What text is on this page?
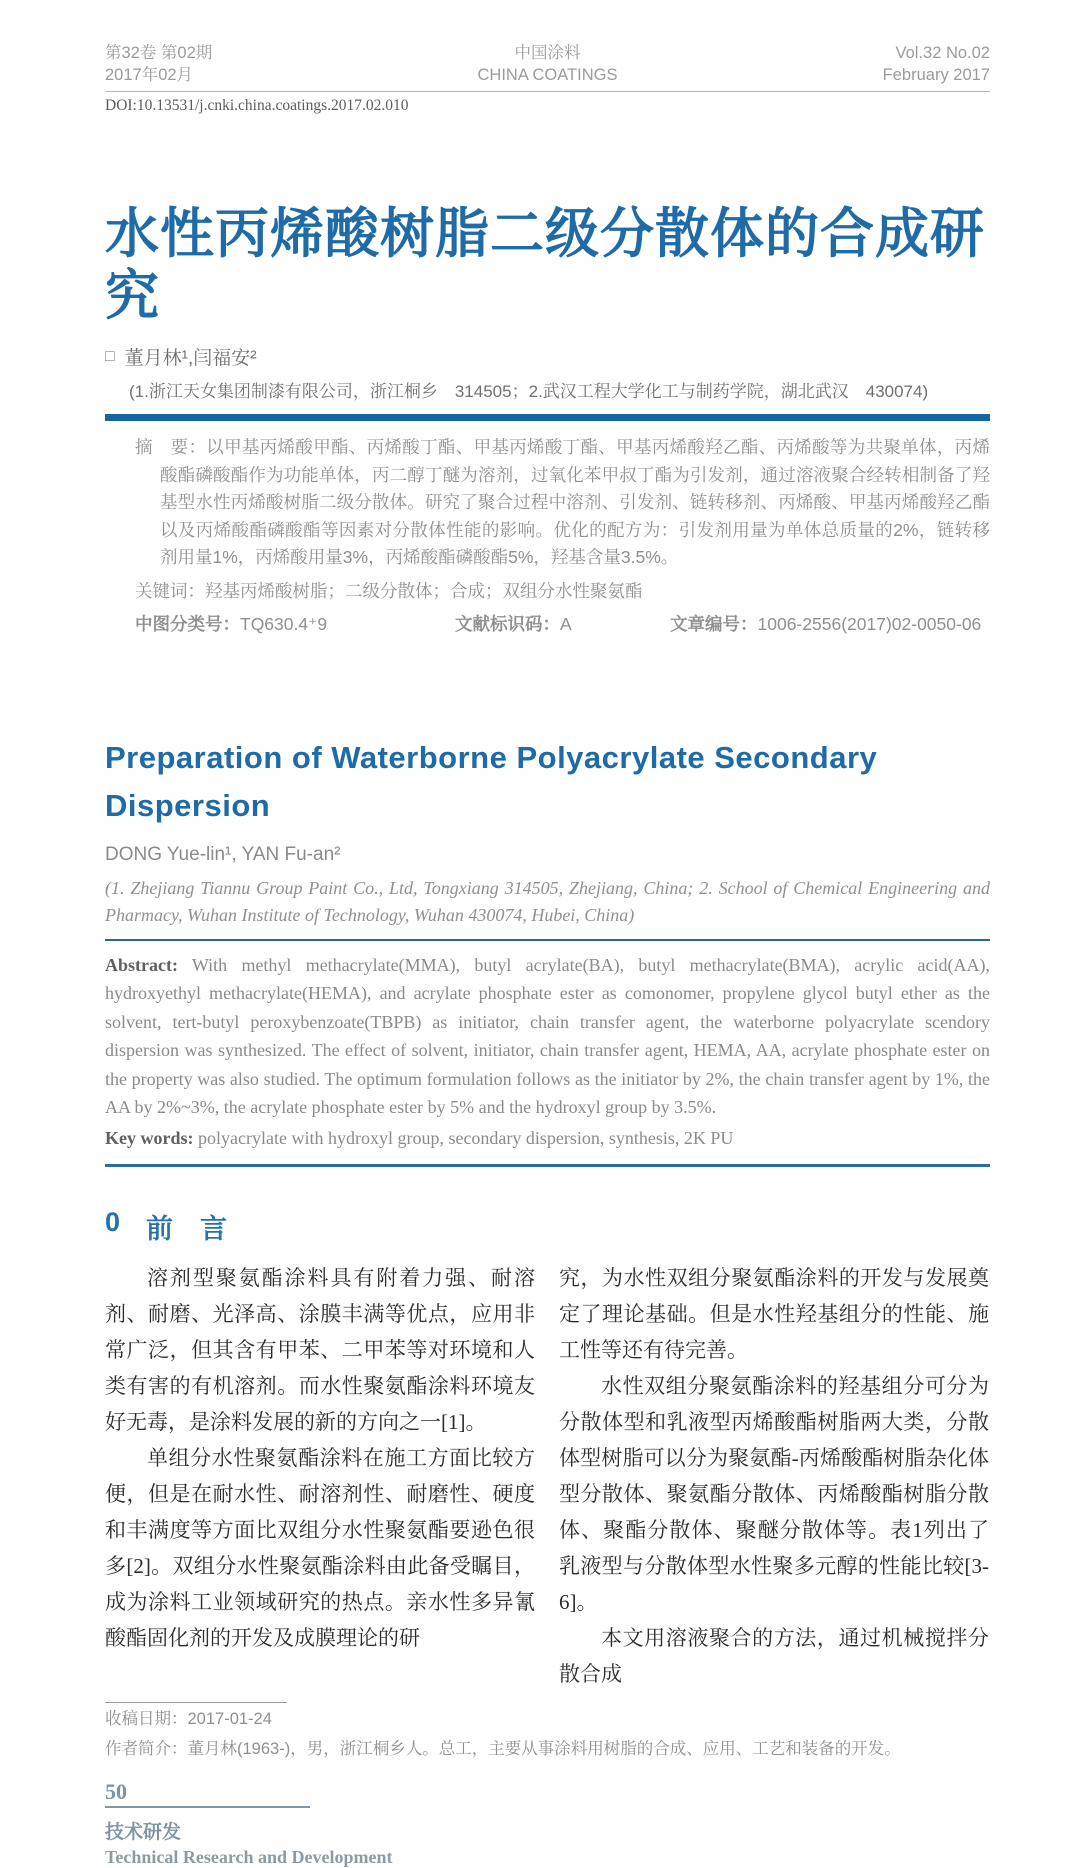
第32卷 第02期
2017年02月
中国涂料
CHINA COATINGS
Vol.32 No.02
February 2017
DOI:10.13531/j.cnki.china.coatings.2017.02.010
水性丙烯酸树脂二级分散体的合成研究
□ 董月林¹,闫福安²
(1.浙江天女集团制漆有限公司，浙江桐乡　314505；2.武汉工程大学化工与制药学院，湖北武汉　430074)
摘　要：以甲基丙烯酸甲酯、丙烯酸丁酯、甲基丙烯酸丁酯、甲基丙烯酸羟乙酯、丙烯酸等为共聚单体，丙烯酸酯磷酸酯作为功能单体，丙二醇丁醚为溶剂，过氧化苯甲叔丁酯为引发剂，通过溶液聚合经转相制备了羟基型水性丙烯酸树脂二级分散体。研究了聚合过程中溶剂、引发剂、链转移剂、丙烯酸、甲基丙烯酸羟乙酯以及丙烯酸酯磷酸酯等因素对分散体性能的影响。优化的配方为：引发剂用量为单体总质量的2%，链转移剂用量1%，丙烯酸用量3%，丙烯酸酯磷酸酯5%，羟基含量3.5%。
关键词：羟基丙烯酸树脂；二级分散体；合成；双组分水性聚氨酯
中图分类号：TQ630.4⁺9	文献标识码：A	文章编号：1006-2556(2017)02-0050-06
Preparation of Waterborne Polyacrylate Secondary Dispersion
DONG Yue-lin¹, YAN Fu-an²
(1. Zhejiang Tiannu Group Paint Co., Ltd, Tongxiang 314505, Zhejiang, China; 2. School of Chemical Engineering and Pharmacy, Wuhan Institute of Technology, Wuhan 430074, Hubei, China)
Abstract: With methyl methacrylate(MMA), butyl acrylate(BA), butyl methacrylate(BMA), acrylic acid(AA), hydroxyethyl methacrylate(HEMA), and acrylate phosphate ester as comonomer, propylene glycol butyl ether as the solvent, tert-butyl peroxybenzoate(TBPB) as initiator, chain transfer agent, the waterborne polyacrylate scendory dispersion was synthesized. The effect of solvent, initiator, chain transfer agent, HEMA, AA, acrylate phosphate ester on the property was also studied. The optimum formulation follows as the initiator by 2%, the chain transfer agent by 1%, the AA by 2%~3%, the acrylate phosphate ester by 5% and the hydroxyl group by 3.5%.
Key words: polyacrylate with hydroxyl group, secondary dispersion, synthesis, 2K PU
0 前　言

溶剂型聚氨酯涂料具有附着力强、耐溶剂、耐磨、光泽高、涂膜丰满等优点，应用非常广泛，但其含有甲苯、二甲苯等对环境和人类有害的有机溶剂。而水性聚氨酯涂料环境友好无毒，是涂料发展的新的方向之一[1]。

单组分水性聚氨酯涂料在施工方面比较方便，但是在耐水性、耐溶剂性、耐磨性、硬度和丰满度等方面比双组分水性聚氨酯要逊色很多[2]。双组分水性聚氨酯涂料由此备受瞩目，成为涂料工业领域研究的热点。亲水性多异氰酸酯固化剂的开发及成膜理论的研

究，为水性双组分聚氨酯涂料的开发与发展奠定了理论基础。但是水性羟基组分的性能、施工性等还有待完善。

水性双组分聚氨酯涂料的羟基组分可分为分散体型和乳液型丙烯酸酯树脂两大类，分散体型树脂可以分为聚氨酯-丙烯酸酯树脂杂化体型分散体、聚氨酯分散体、丙烯酸酯树脂分散体、聚酯分散体、聚醚分散体等。表1列出了乳液型与分散体型水性聚多元醇的性能比较[3-6]。

本文用溶液聚合的方法，通过机械搅拌分散合成

收稿日期：2017-01-24
作者简介：董月林(1963-)，男，浙江桐乡人。总工，主要从事涂料用树脂的合成、应用、工艺和装备的开发。
50
技术研发
Technical Research and Development
